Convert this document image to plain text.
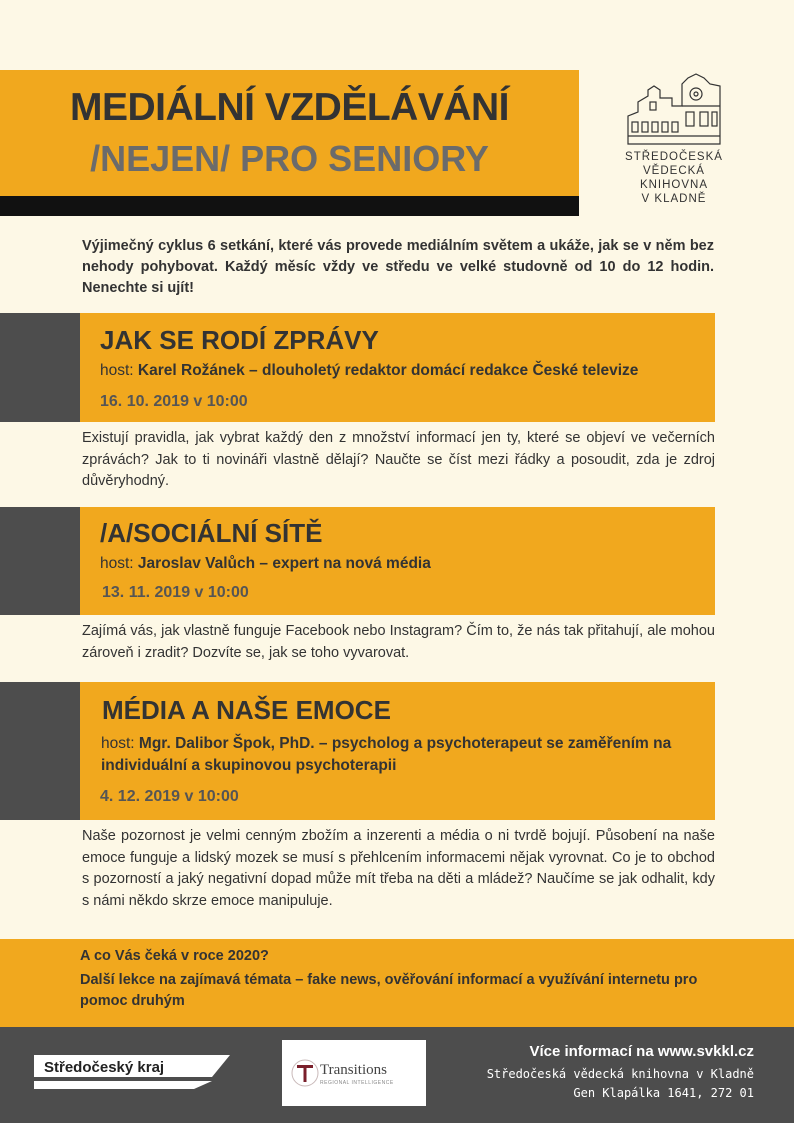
MEDIÁLNÍ VZDĚLÁVÁNÍ
/NEJEN/ PRO SENIORY	STŘEDOČESKÁ
VĚDECKÁ
KNIHOVNA
V KLADNĚ
Výjimečný cyklus 6 setkání, které vás provede mediálním světem a ukáže, jak se v něm bez nehody pohybovat. Každý měsíc vždy ve středu ve velké studovně od 10 do 12 hodin. Nenechte si ujít!
JAK SE RODÍ ZPRÁVY
host: Karel Rožánek – dlouholetý redaktor domácí redakce České televize
16. 10. 2019 v 10:00
Existují pravidla, jak vybrat každý den z množství informací jen ty, které se objeví ve večerních zprávách? Jak to ti novináři vlastně dělají? Naučte se číst mezi řádky a posoudit, zda je zdroj důvěryhodný.
/A/SOCIÁLNÍ SÍTĚ
host: Jaroslav Valůch – expert na nová média
13. 11. 2019 v 10:00
Zajímá vás, jak vlastně funguje Facebook nebo Instagram? Čím to, že nás tak přitahují, ale mohou zároveň i zradit? Dozvíte se, jak se toho vyvarovat.
MÉDIA A NAŠE EMOCE
host: Mgr. Dalibor Špok, PhD. – psycholog a psychoterapeut se zaměřením na individuální a skupinovou psychoterapii
4. 12. 2019 v 10:00
Naše pozornost je velmi cenným zbožím a inzerenti a média o ni tvrdě bojují. Působení na naše emoce funguje a lidský mozek se musí s přehlcením informacemi nějak vyrovnat. Co je to obchod s pozorností a jaký negativní dopad může mít třeba na děti a mládež? Naučíme se jak odhalit, kdy s námi někdo skrze emoce manipuluje.
A co Vás čeká v roce 2020?
Další lekce na zajímavá témata – fake news, ověřování informací a využívání internetu pro pomoc druhým
Středočeský kraj	Transitions
REGIONAL INTELLIGENCE
Více informací na www.svkkl.cz
Středočeská vědecká knihovna v Kladně
Gen Klapálka 1641, 272 01
